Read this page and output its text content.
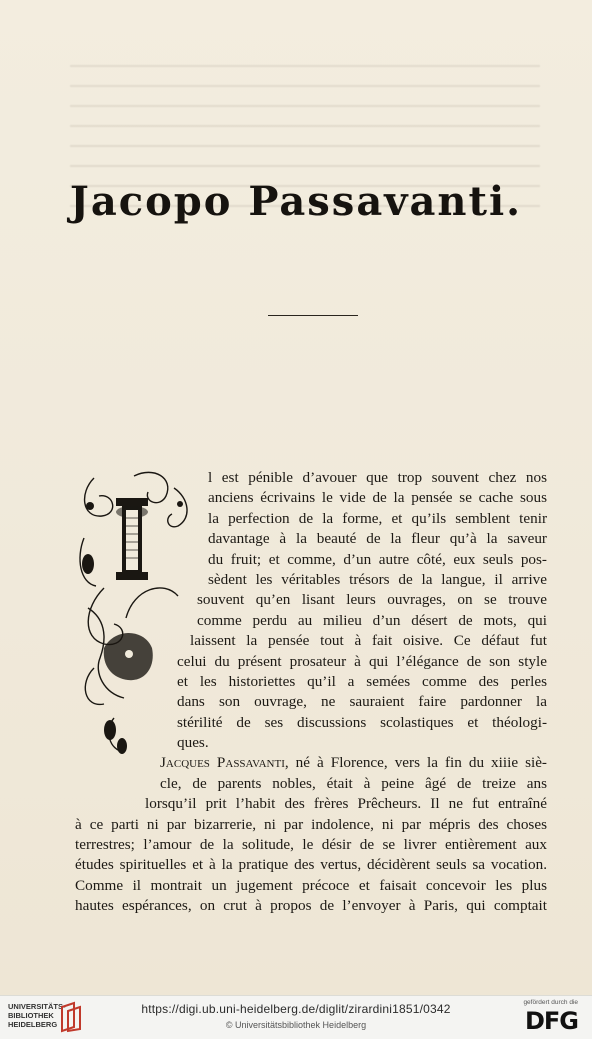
Jacopo Passavanti.
l est pénible d’avouer que trop souvent chez nos
anciens écrivains le vide de la pensée se cache sous
la perfection de la forme, et qu’ils semblent tenir
davantage à la beauté de la fleur qu’à la saveur
du fruit; et comme, d’un autre côté, eux seuls pos-
sèdent les véritables trésors de la langue, il arrive
souvent qu’en lisant leurs ouvrages, on se trouve
comme perdu au milieu d’un désert de mots, qui
laissent la pensée tout à fait oisive. Ce défaut fut
celui du présent prosateur à qui l’élégance de son style
et les historiettes qu’il a semées comme des perles
dans son ouvrage, ne sauraient faire pardonner la
stérilité de ses discussions scolastiques et théologi-
ques.
Jacques Passavanti, né à Florence, vers la fin du xiiie siè-
cle, de parents nobles, était à peine âgé de treize ans
lorsqu’il prit l’habit des frères Prêcheurs. Il ne fut entraîné
à ce parti ni par bizarrerie, ni par indolence, ni par mépris des choses
terrestres; l’amour de la solitude, le désir de se livrer entièrement aux
études spirituelles et à la pratique des vertus, décidèrent seuls sa vocation.
Comme il montrait un jugement précoce et faisait concevoir les plus
hautes espérances, on crut à propos de l’envoyer à Paris, qui comptait
UNIVERSITÄTS-
BIBLIOTHEK
HEIDELBERG
https://digi.ub.uni-heidelberg.de/diglit/zirardini1851/0342
© Universitätsbibliothek Heidelberg
gefördert durch die
DFG
